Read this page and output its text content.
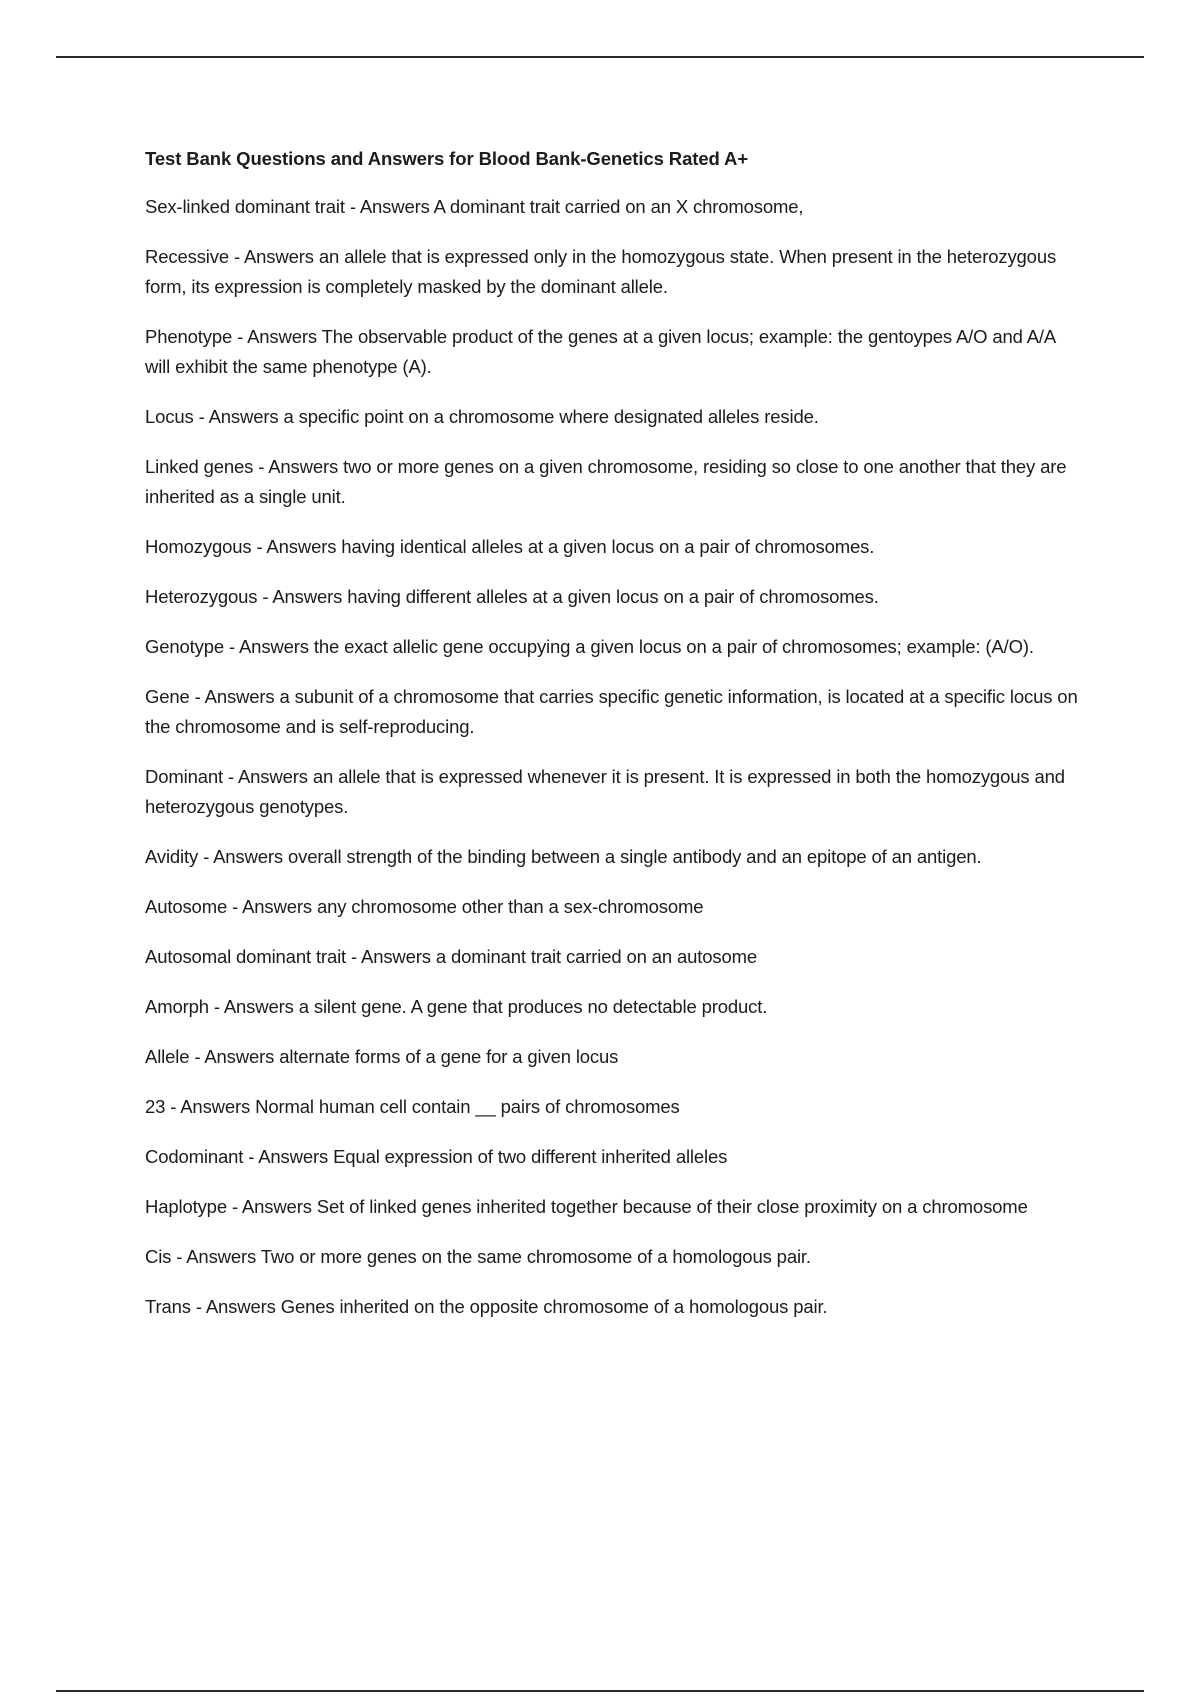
Test Bank Questions and Answers for Blood Bank-Genetics Rated A+

Sex-linked dominant trait - Answers A dominant trait carried on an X chromosome,

Recessive - Answers an allele that is expressed only in the homozygous state. When present in the heterozygous form, its expression is completely masked by the dominant allele.

Phenotype - Answers The observable product of the genes at a given locus; example: the gentoypes A/O and A/A will exhibit the same phenotype (A).

Locus - Answers a specific point on a chromosome where designated alleles reside.

Linked genes - Answers two or more genes on a given chromosome, residing so close to one another that they are inherited as a single unit.

Homozygous - Answers having identical alleles at a given locus on a pair of chromosomes.

Heterozygous - Answers having different alleles at a given locus on a pair of chromosomes.

Genotype - Answers the exact allelic gene occupying a given locus on a pair of chromosomes; example: (A/O).

Gene - Answers a subunit of a chromosome that carries specific genetic information, is located at a specific locus on the chromosome and is self-reproducing.

Dominant - Answers an allele that is expressed whenever it is present. It is expressed in both the homozygous and heterozygous genotypes.

Avidity - Answers overall strength of the binding between a single antibody and an epitope of an antigen.

Autosome - Answers any chromosome other than a sex-chromosome

Autosomal dominant trait - Answers a dominant trait carried on an autosome

Amorph - Answers a silent gene. A gene that produces no detectable product.

Allele - Answers alternate forms of a gene for a given locus

23 - Answers Normal human cell contain __ pairs of chromosomes

Codominant - Answers Equal expression of two different inherited alleles

Haplotype - Answers Set of linked genes inherited together because of their close proximity on a chromosome

Cis - Answers Two or more genes on the same chromosome of a homologous pair.

Trans - Answers Genes inherited on the opposite chromosome of a homologous pair.
